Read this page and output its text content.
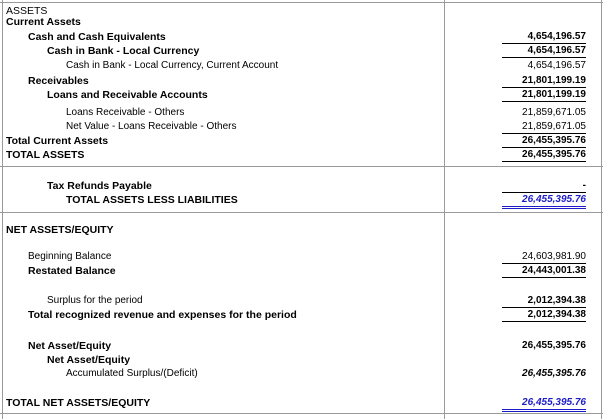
ASSETS
Current Assets
Cash and Cash Equivalents	4,654,196.57
Cash in Bank - Local Currency	4,654,196.57
Cash in Bank - Local Currency, Current Account	4,654,196.57
Receivables	21,801,199.19
Loans and Receivable Accounts	21,801,199.19
Loans Receivable - Others	21,859,671.05
Net Value - Loans Receivable - Others	21,859,671.05
Total Current Assets	26,455,395.76
TOTAL ASSETS	26,455,395.76
Tax Refunds Payable	-
TOTAL ASSETS LESS LIABILITIES	26,455,395.76
NET ASSETS/EQUITY
Beginning Balance	24,603,981.90
Restated Balance	24,443,001.38
Surplus for the period	2,012,394.38
Total recognized revenue and expenses for the period	2,012,394.38
Net Asset/Equity	26,455,395.76
Net Asset/Equity
Accumulated Surplus/(Deficit)	26,455,395.76
TOTAL NET ASSETS/EQUITY	26,455,395.76
